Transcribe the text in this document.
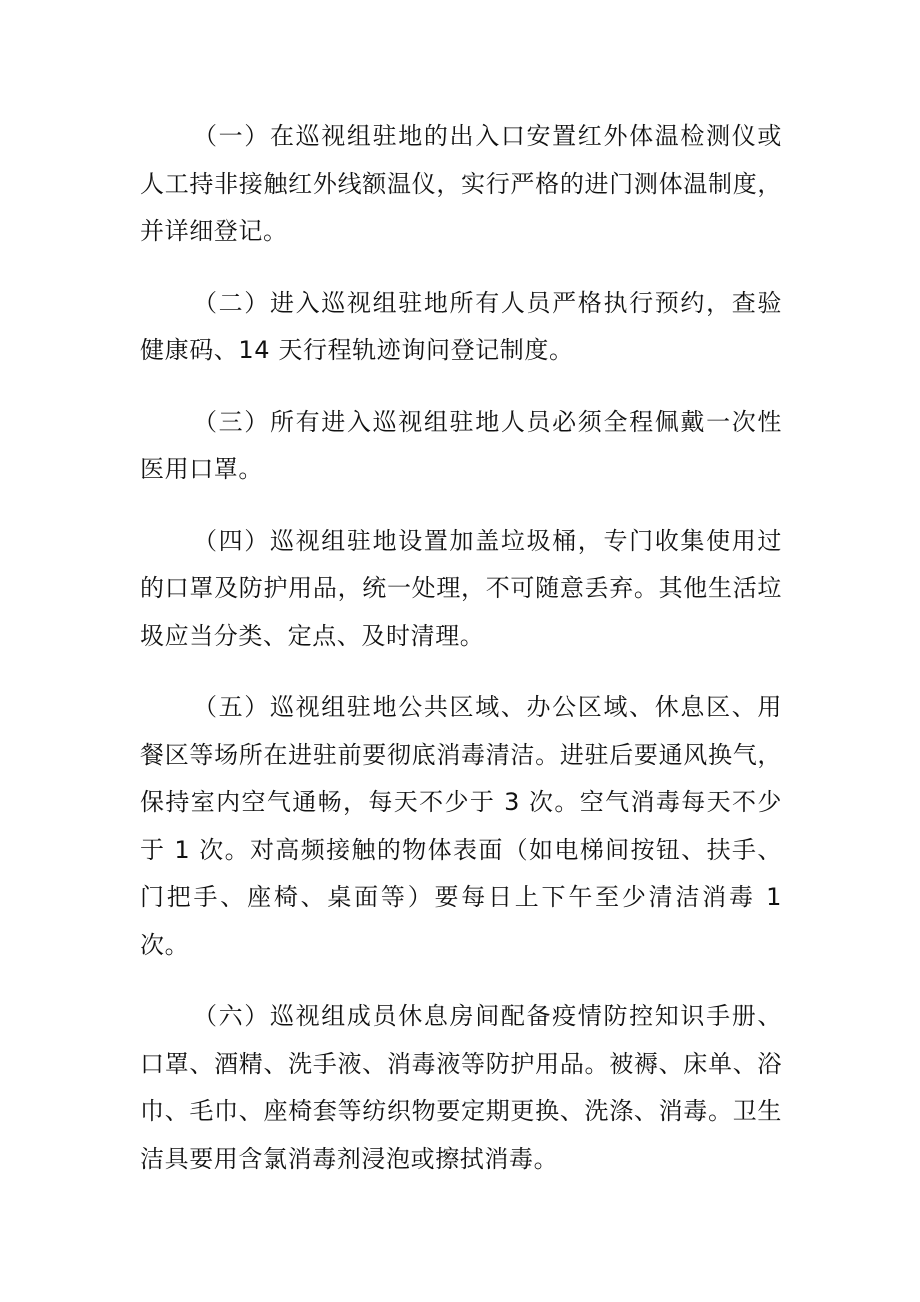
（一）在巡视组驻地的出入口安置红外体温检测仪或人工持非接触红外线额温仪，实行严格的进门测体温制度，并详细登记。

（二）进入巡视组驻地所有人员严格执行预约，查验健康码、14 天行程轨迹询问登记制度。

（三）所有进入巡视组驻地人员必须全程佩戴一次性医用口罩。

（四）巡视组驻地设置加盖垃圾桶，专门收集使用过的口罩及防护用品，统一处理，不可随意丢弃。其他生活垃圾应当分类、定点、及时清理。

（五）巡视组驻地公共区域、办公区域、休息区、用餐区等场所在进驻前要彻底消毒清洁。进驻后要通风换气，保持室内空气通畅，每天不少于 3 次。空气消毒每天不少于 1 次。对高频接触的物体表面（如电梯间按钮、扶手、门把手、座椅、桌面等）要每日上下午至少清洁消毒 1 次。

（六）巡视组成员休息房间配备疫情防控知识手册、口罩、酒精、洗手液、消毒液等防护用品。被褥、床单、浴巾、毛巾、座椅套等纺织物要定期更换、洗涤、消毒。卫生洁具要用含氯消毒剂浸泡或擦拭消毒。
